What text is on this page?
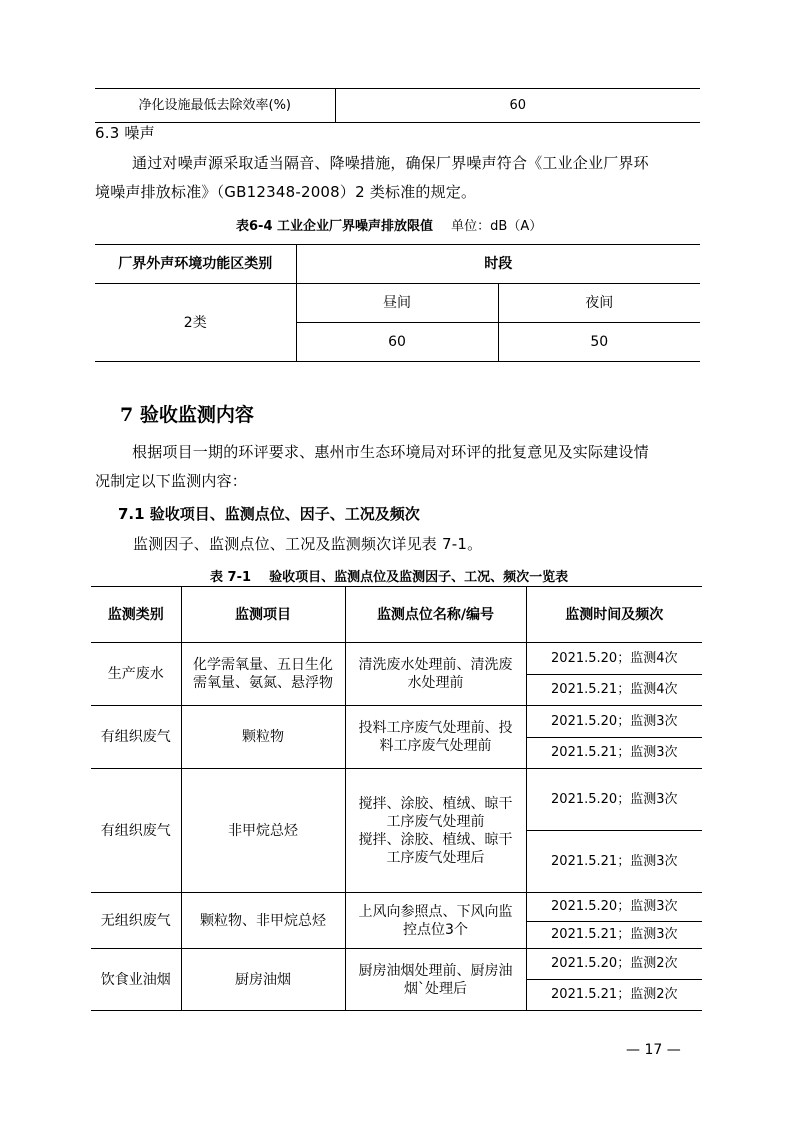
净化设施最低去除效率(%)	60
6.3 噪声
通过对噪声源采取适当隔音、降噪措施，确保厂界噪声符合《工业企业厂界环
境噪声排放标准》（GB12348-2008）2 类标准的规定。
表6-4 工业企业厂界噪声排放限值 单位：dB（A）
厂界外声环境功能区类别	时段	
2类	昼间	夜间
	60	50
7 验收监测内容
根据项目一期的环评要求、惠州市生态环境局对环评的批复意见及实际建设情
况制定以下监测内容：
7.1 验收项目、监测点位、因子、工况及频次
监测因子、监测点位、工况及监测频次详见表 7-1。
表 7-1    验收项目、监测点位及监测因子、工况、频次一览表
监测类别	监测项目	监测点位名称/编号	监测时间及频次
生产废水	化学需氧量、五日生化需氧量、氨氮、悬浮物	清洗废水处理前、清洗废水处理前	2021.5.20；监测4次
			2021.5.21；监测4次
有组织废气	颗粒物	投料工序废气处理前、投料工序废气处理前	2021.5.20；监测3次
			2021.5.21；监测3次
有组织废气	非甲烷总烃	搅拌、涂胶、植绒、晾干工序废气处理前
搅拌、涂胶、植绒、晾干工序废气处理后	2021.5.20；监测3次
			2021.5.21；监测3次
无组织废气	颗粒物、非甲烷总烃	上风向参照点、下风向监控点位3个	2021.5.20；监测3次
			2021.5.21；监测3次
饮食业油烟	厨房油烟	厨房油烟处理前、厨房油烟`处理后	2021.5.20；监测2次
			2021.5.21；监测2次
— 17 —
